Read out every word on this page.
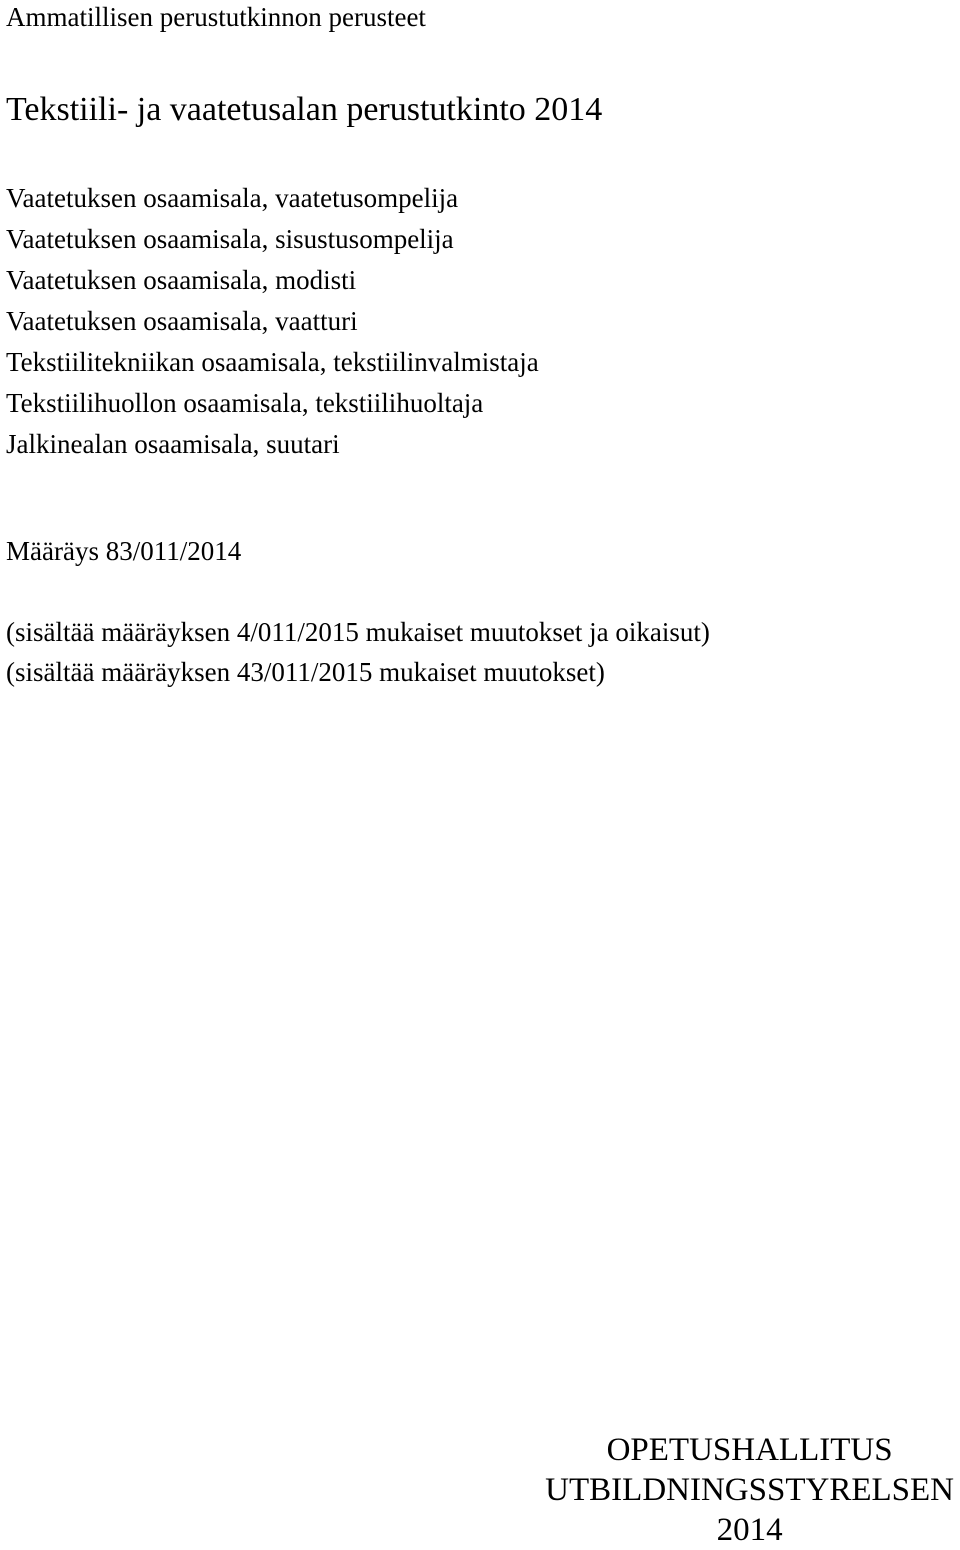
Ammatillisen perustutkinnon perusteet

Tekstiili- ja vaatetusalan perustutkinto 2014
Vaatetuksen osaamisala, vaatetusompelija
Vaatetuksen osaamisala, sisustusompelija
Vaatetuksen osaamisala, modisti
Vaatetuksen osaamisala, vaatturi
Tekstiilitekniikan osaamisala, tekstiilinvalmistaja
Tekstiilihuollon osaamisala, tekstiilihuoltaja
Jalkinealan osaamisala, suutari

Määräys 83/011/2014

(sisältää määräyksen 4/011/2015 mukaiset muutokset ja oikaisut)
(sisältää määräyksen 43/011/2015 mukaiset muutokset)
OPETUSHALLITUS
UTBILDNINGSSTYRELSEN
2014
